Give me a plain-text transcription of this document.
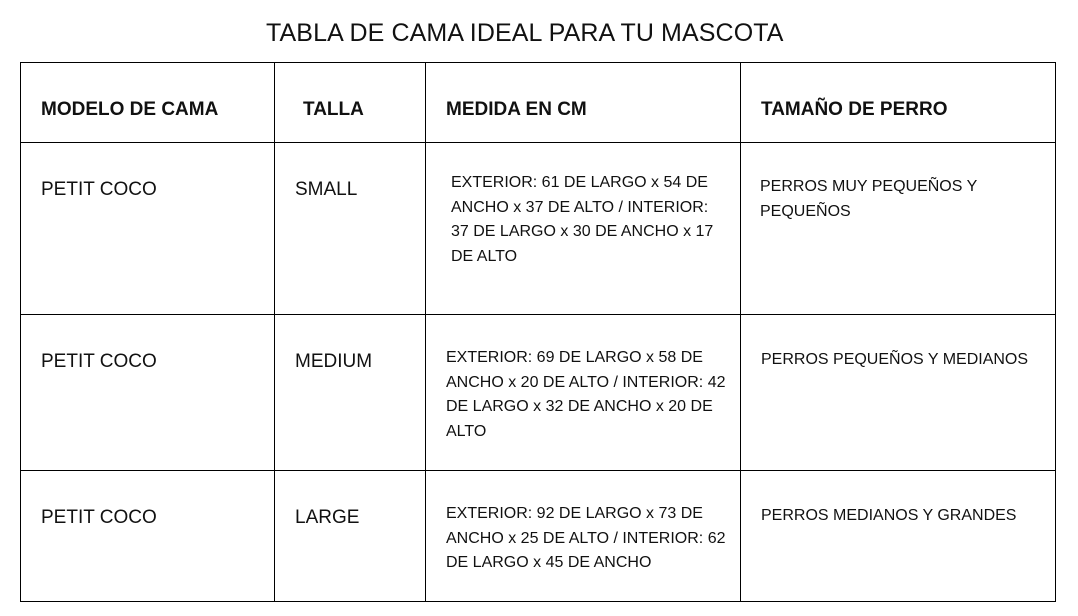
TABLA DE CAMA IDEAL PARA TU MASCOTA
MODELO DE CAMA	TALLA	MEDIDA EN CM	TAMAÑO DE PERRO

PETIT COCO	SMALL	EXTERIOR: 61 DE LARGO x 54 DE ANCHO x 37 DE ALTO / INTERIOR: 37 DE LARGO x 30 DE ANCHO x 17 DE ALTO	PERROS MUY PEQUEÑOS Y PEQUEÑOS

PETIT COCO	MEDIUM	EXTERIOR: 69 DE LARGO x 58 DE ANCHO x 20 DE ALTO / INTERIOR: 42 DE LARGO x 32 DE ANCHO x 20 DE ALTO	PERROS PEQUEÑOS Y MEDIANOS

PETIT COCO	LARGE	EXTERIOR: 92 DE LARGO x 73 DE ANCHO x 25 DE ALTO / INTERIOR: 62 DE LARGO x 45 DE ANCHO	PERROS MEDIANOS Y GRANDES
